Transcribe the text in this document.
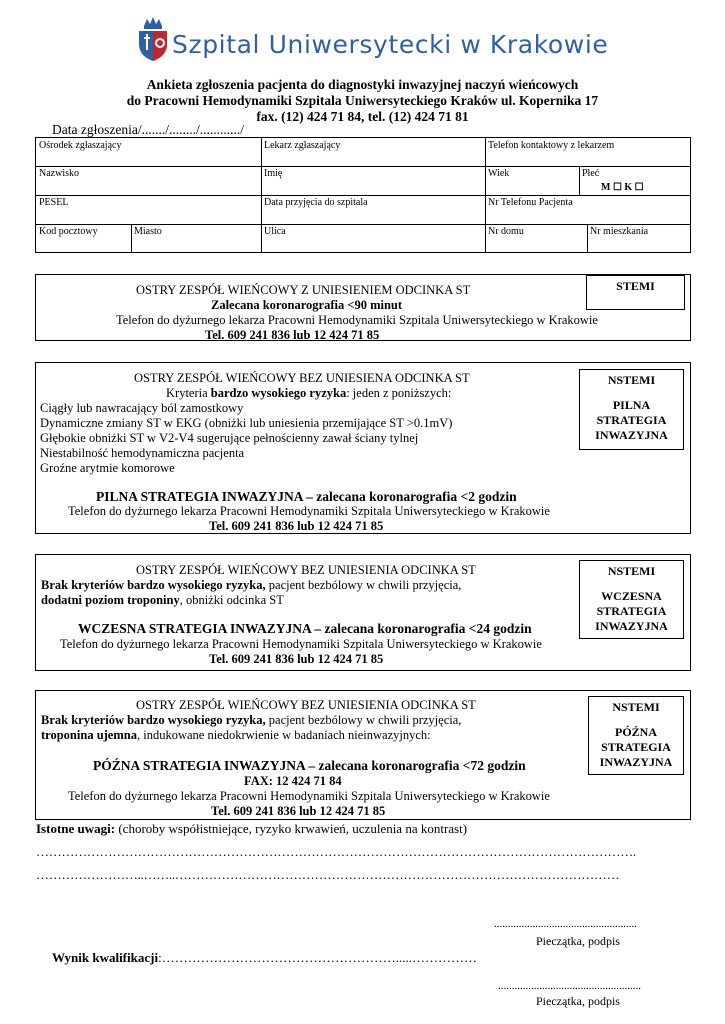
Szpital Uniwersytecki w Krakowie
Ankieta zgłoszenia pacjenta do diagnostyki inwazyjnej naczyń wieńcowych
do Pracowni Hemodynamiki Szpitala Uniwersyteckiego Kraków ul. Kopernika 17
fax. (12) 424 71 84, tel. (12) 424 71 81
Data zgłoszenia/......./......../............/
Ośrodek zgłaszający	Lekarz zgłaszający	Telefon kontaktowy z lekarzem
Nazwisko	Imię	Wiek	Płeć
M ☐ K ☐
PESEL	Data przyjęcia do szpitala	Nr Telefonu Pacjenta
Kod pocztowy	Miasto	Ulica	Nr domu	Nr mieszkania
OSTRY ZESPÓŁ WIEŃCOWY Z UNIESIENIEM ODCINKA ST
Zalecana koronarografia <90 minut
Telefon do dyżurnego lekarza Pracowni Hemodynamiki Szpitala Uniwersyteckiego w Krakowie
Tel. 609 241 836 lub 12 424 71 85
STEMI
OSTRY ZESPÓŁ WIEŃCOWY BEZ UNIESIENA ODCINKA ST
Kryteria bardzo wysokiego ryzyka: jeden z poniższych:
Ciągły lub nawracający ból zamostkowy
Dynamiczne zmiany ST w EKG (obniżki lub uniesienia przemijające ST >0.1mV)
Głębokie obniżki ST w V2-V4 sugerujące pełnościenny zawał ściany tylnej
Niestabilność hemodynamiczna pacjenta
Groźne arytmie komorowe
PILNA STRATEGIA INWAZYJNA – zalecana koronarografia <2 godzin
Telefon do dyżurnego lekarza Pracowni Hemodynamiki Szpitala Uniwersyteckiego w Krakowie
Tel. 609 241 836 lub 12 424 71 85
NSTEMI
PILNA
STRATEGIA
INWAZYJNA
OSTRY ZESPÓŁ WIEŃCOWY BEZ UNIESIENIA ODCINKA ST
Brak kryteriów bardzo wysokiego ryzyka, pacjent bezbólowy w chwili przyjęcia,
dodatni poziom troponiny, obniżki odcinka ST
WCZESNA STRATEGIA INWAZYJNA – zalecana koronarografia <24 godzin
Telefon do dyżurnego lekarza Pracowni Hemodynamiki Szpitala Uniwersyteckiego w Krakowie
Tel. 609 241 836 lub 12 424 71 85
NSTEMI
WCZESNA
STRATEGIA
INWAZYJNA
OSTRY ZESPÓŁ WIEŃCOWY BEZ UNIESIENIA ODCINKA ST
Brak kryteriów bardzo wysokiego ryzyka, pacjent bezbólowy w chwili przyjęcia,
troponina ujemna, indukowane niedokrwienie w badaniach nieinwazyjnych:
PÓŹNA STRATEGIA INWAZYJNA – zalecana koronarografia <72 godzin
FAX: 12 424 71 84
Telefon do dyżurnego lekarza Pracowni Hemodynamiki Szpitala Uniwersyteckiego w Krakowie
Tel. 609 241 836 lub 12 424 71 85
NSTEMI
PÓŹNA
STRATEGIA
INWAZYJNA
Istotne uwagi: (choroby współistniejące, ryzyko krwawień, uczulenia na kontrast)
…………………………………………………………………………………………………………………………….
……………………..……..……………………………………………………………………………………………
....................................................
Pieczątka, podpis
Wynik kwalifikacji:……………………………………………….....……………
....................................................
Pieczątka, podpis
